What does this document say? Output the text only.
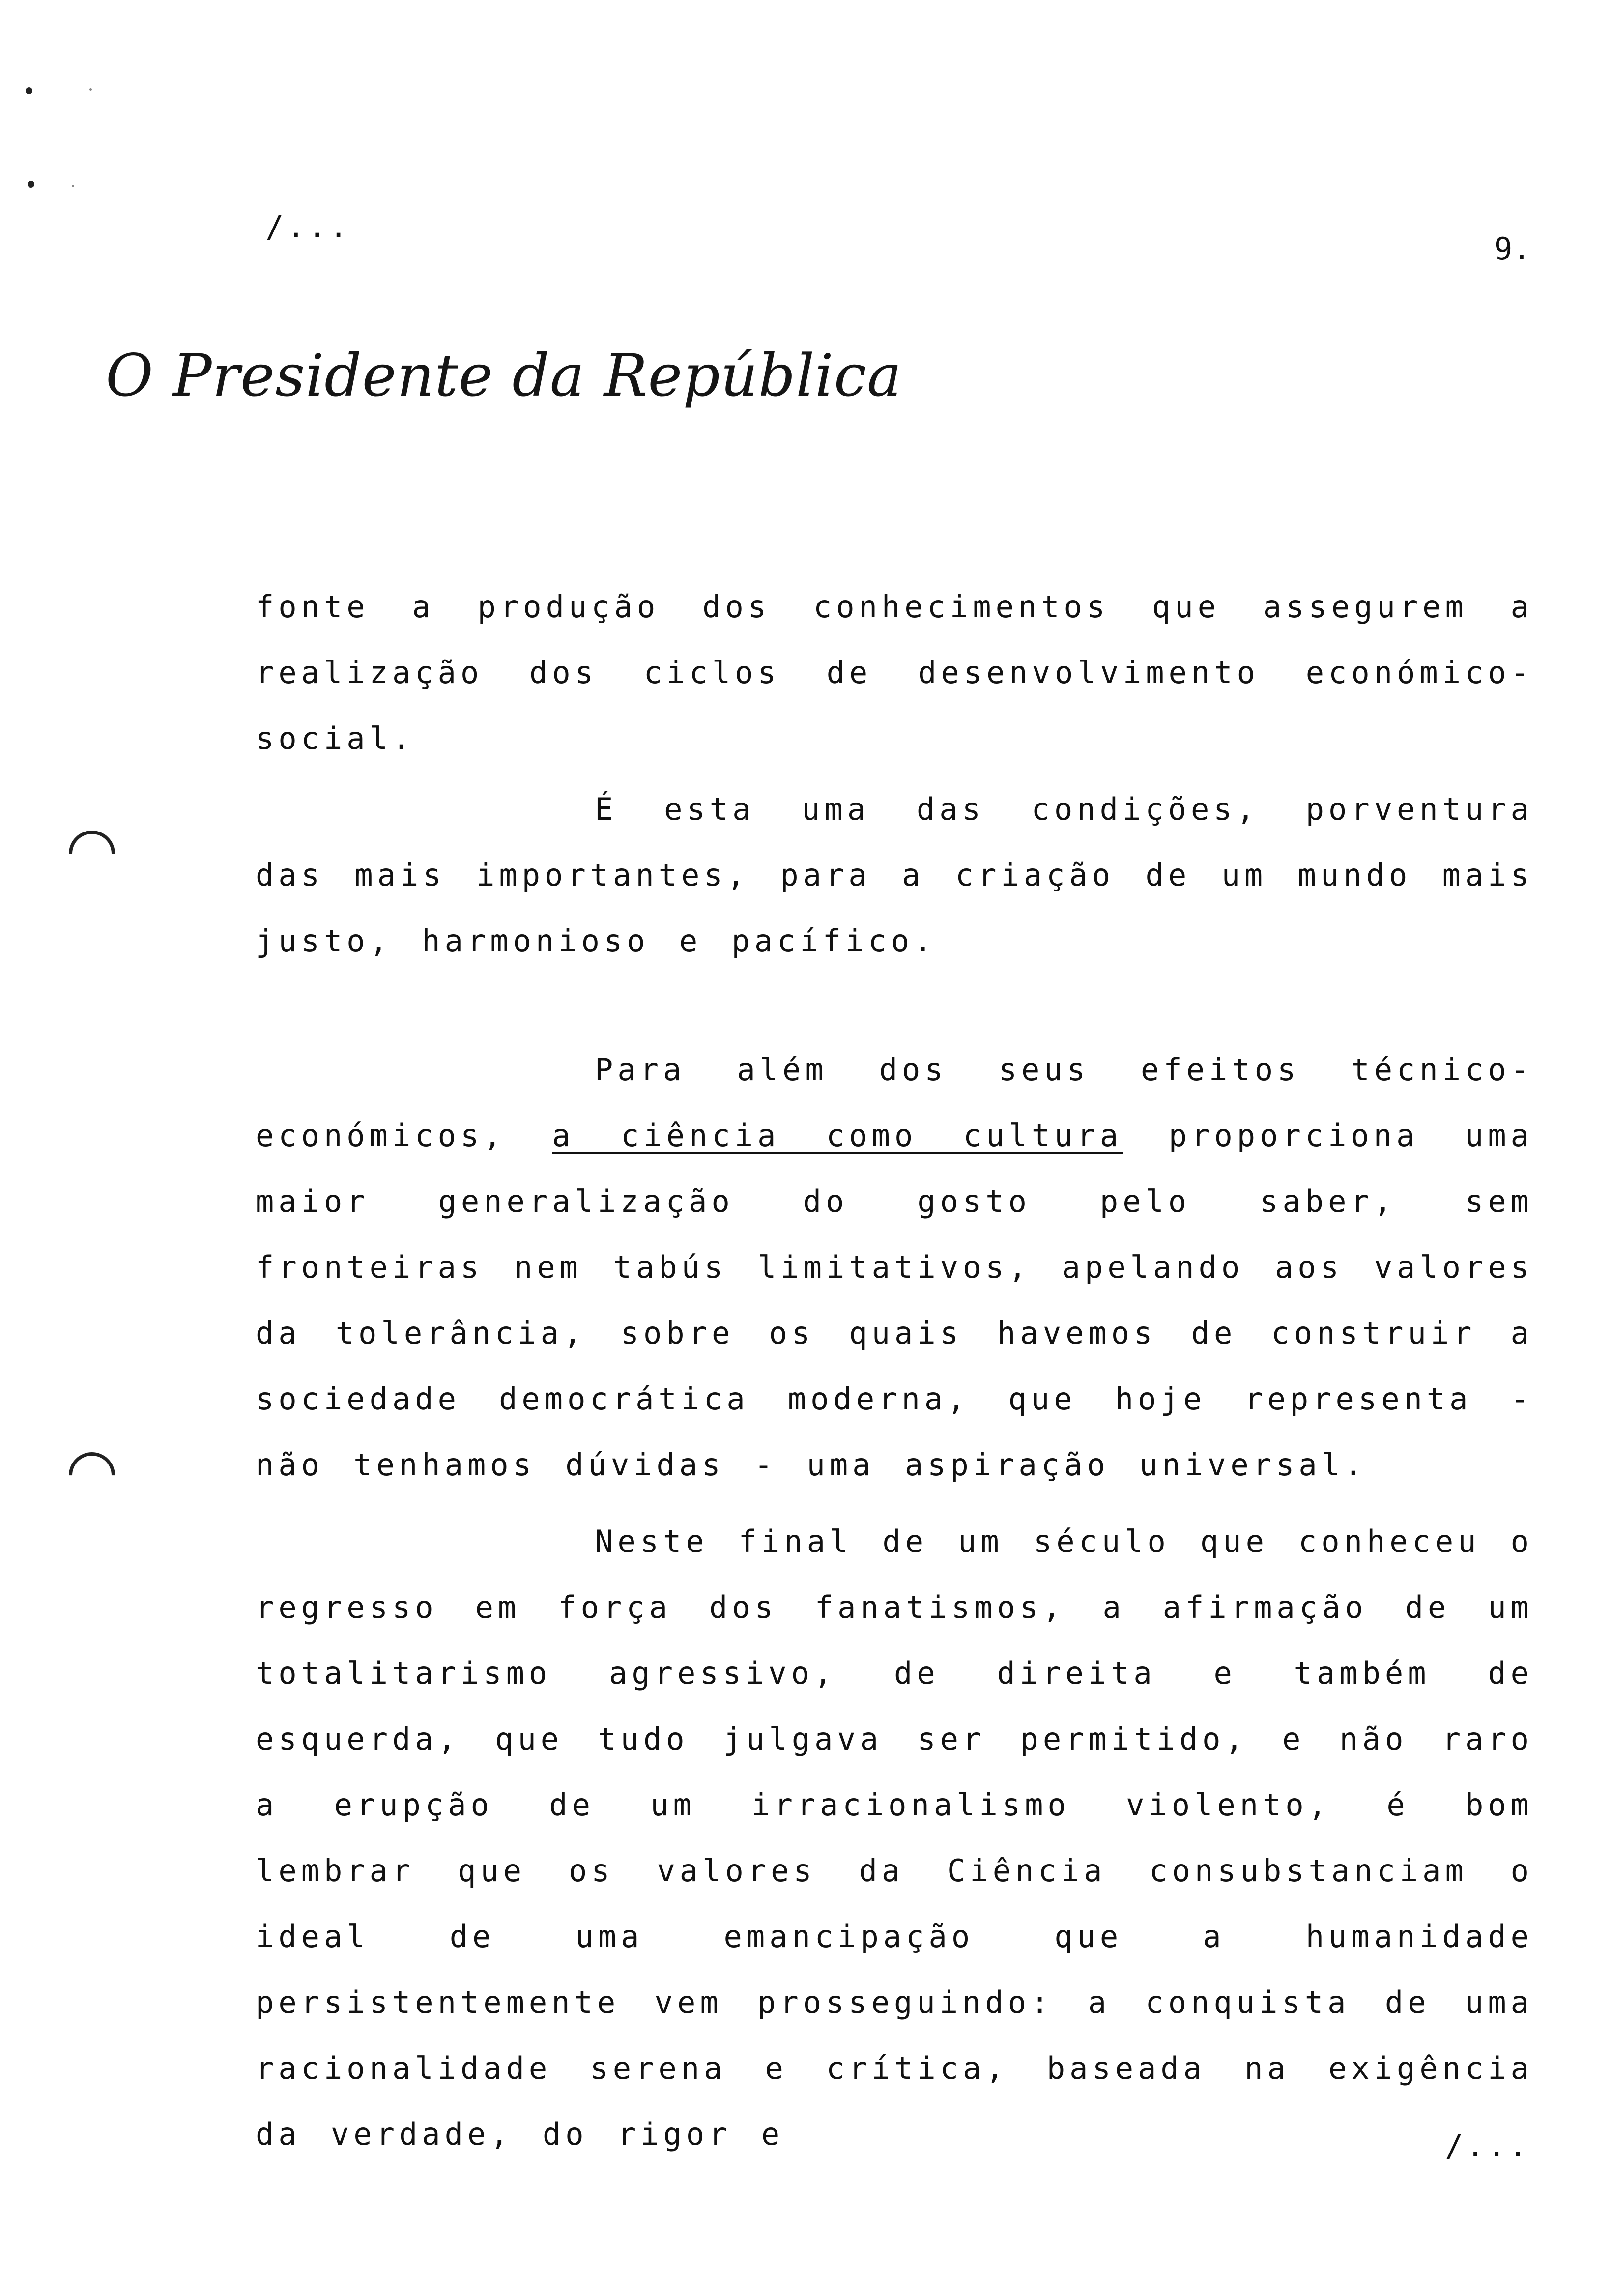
/...
9.
O Presidente da República

fonte a produção dos conhecimentos que assegurem a realização dos ciclos de desenvolvimento económico-social.

É esta uma das condições, porventura das mais importantes, para a criação de um mundo mais justo, harmonioso e pacífico.

Para além dos seus efeitos técnico-económicos, a ciência como cultura proporciona uma maior generalização do gosto pelo saber, sem fronteiras nem tabús limitativos, apelando aos valores da tolerância, sobre os quais havemos de construir a sociedade democrática moderna, que hoje representa - não tenhamos dúvidas - uma aspiração universal.

Neste final de um século que conheceu o regresso em força dos fanatismos, a afirmação de um totalitarismo agressivo, de direita e também de esquerda, que tudo julgava ser permitido, e não raro a erupção de um irracionalismo violento, é bom lembrar que os valores da Ciência consubstanciam o ideal de uma emancipação que a humanidade persistentemente vem prosseguindo: a conquista de uma racionalidade serena e crítica, baseada na exigência da verdade, do rigor e	/...
